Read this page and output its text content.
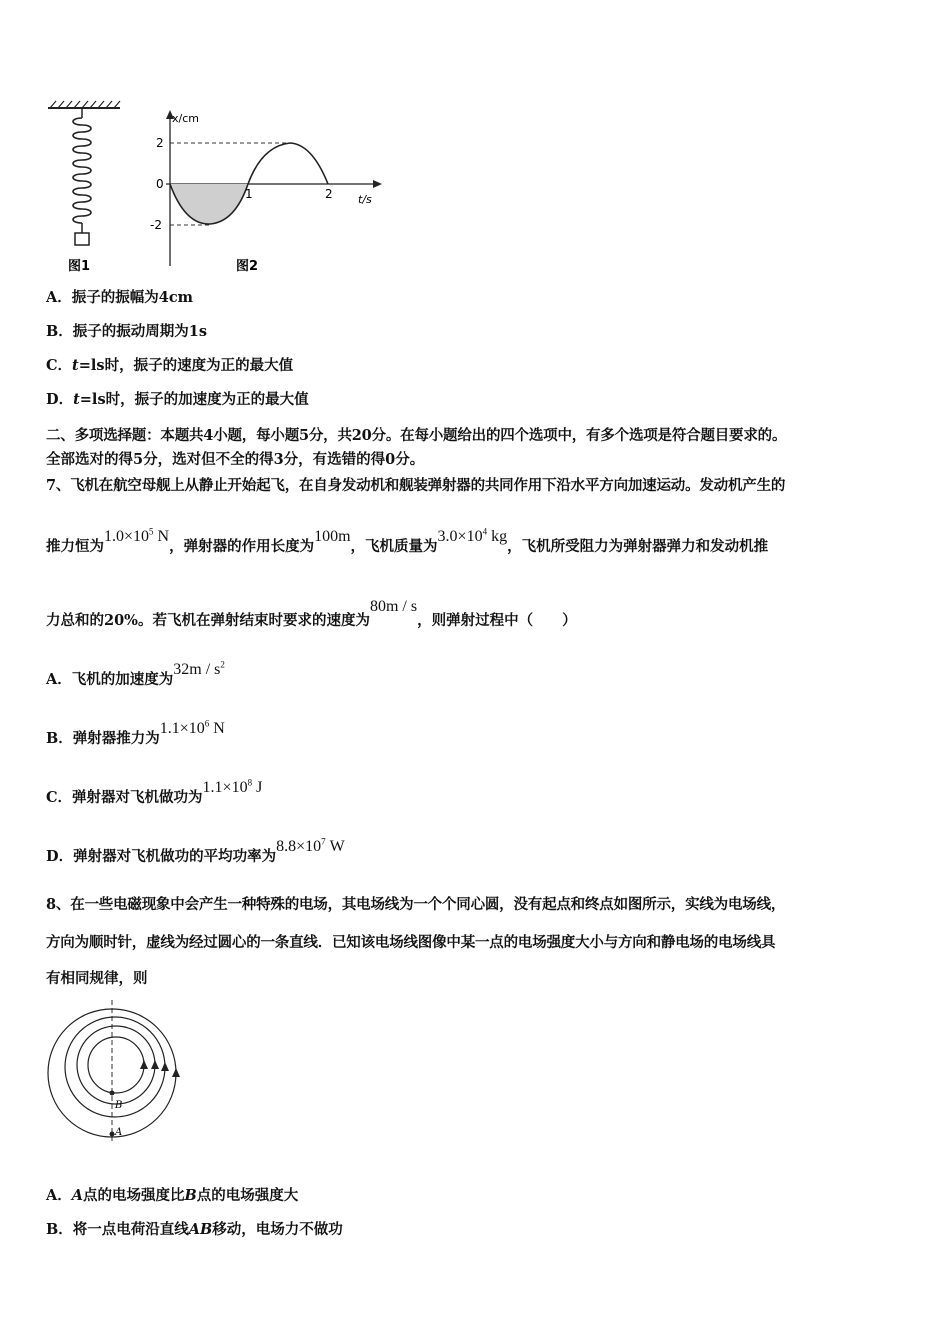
图1
x/cm
t/s
2
0
-2
1	2
图2
A．振子的振幅为4cm
B．振子的振动周期为1s
C．t=ls时，振子的速度为正的最大值
D．t=ls时，振子的加速度为正的最大值
二、多项选择题：本题共4小题，每小题5分，共20分。在每小题给出的四个选项中，有多个选项是符合题目要求的。
全部选对的得5分，选对但不全的得3分，有选错的得0分。
7、飞机在航空母舰上从静止开始起飞，在自身发动机和舰装弹射器的共同作用下沿水平方向加速运动。发动机产生的
推力恒为$1.0\times 10^5$ N，弹射器的作用长度为100m，飞机质量为$3.0\times 10^4$ kg，飞机所受阻力为弹射器弹力和发动机推
力总和的20%。若飞机在弹射结束时要求的速度为80m / s，则弹射过程中（　　）
A．飞机的加速度为$32m / s^2$
B．弹射器推力为$1.1\times 10^6$ N
C．弹射器对飞机做功为$1.1\times 10^8$ J
D．弹射器对飞机做功的平均功率为$8.8\times 10^7$ W
8、在一些电磁现象中会产生一种特殊的电场，其电场线为一个个同心圆，没有起点和终点如图所示，实线为电场线，
方向为顺时针，虚线为经过圆心的一条直线．已知该电场线图像中某一点的电场强度大小与方向和静电场的电场线具
有相同规律，则
B
A
A．A点的电场强度比B点的电场强度大
B．将一点电荷沿直线AB移动，电场力不做功
